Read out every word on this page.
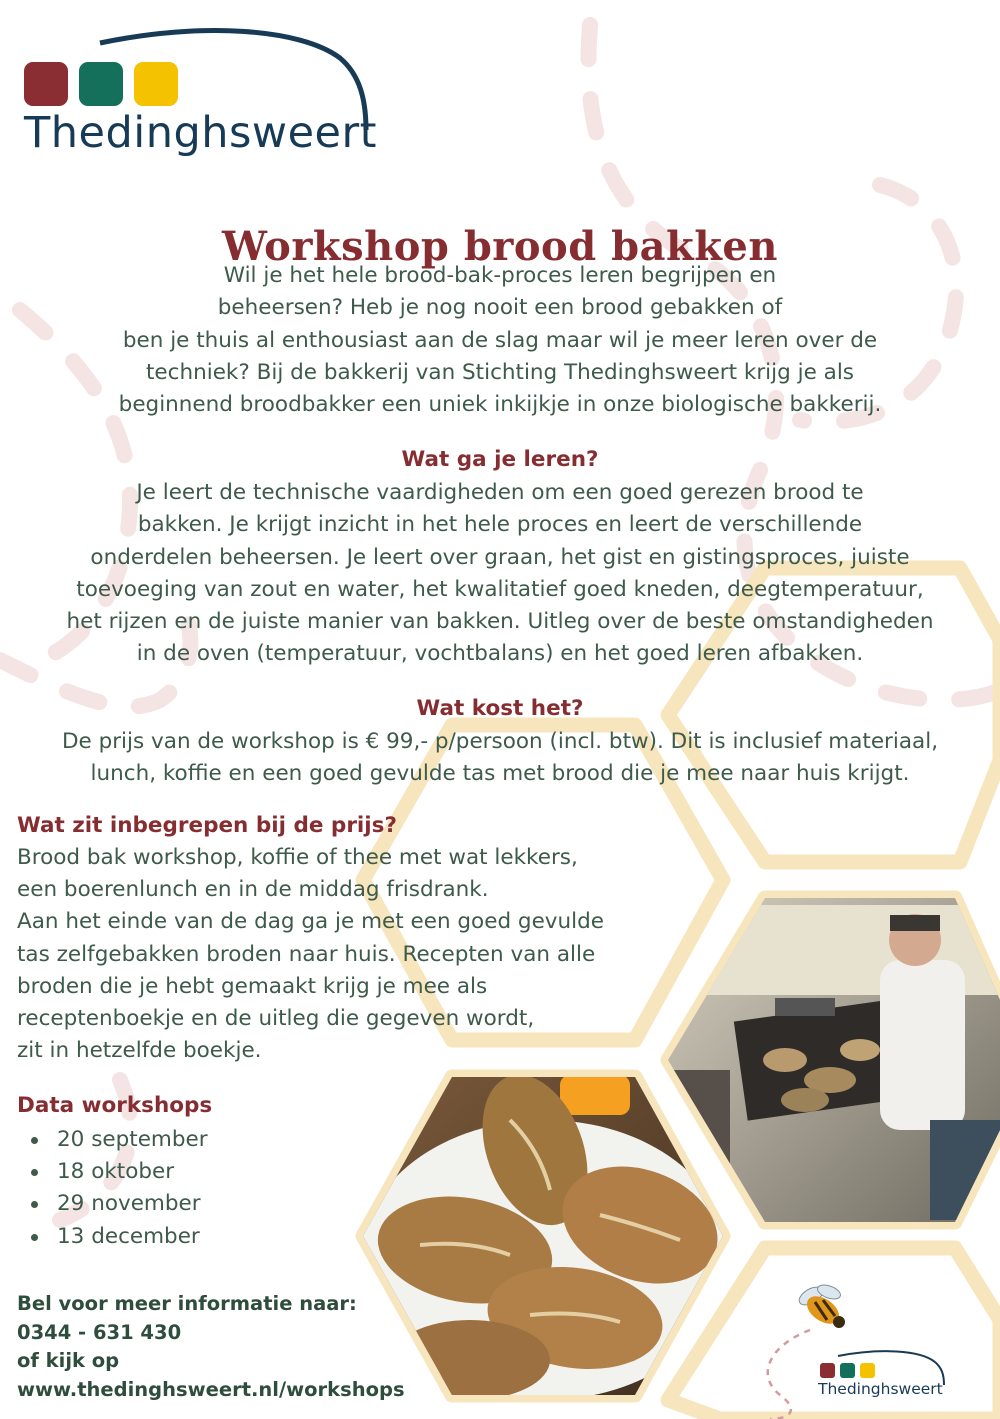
Thedinghsweert
Workshop brood bakken
Wil je het hele brood-bak-proces leren begrijpen en
beheersen? Heb je nog nooit een brood gebakken of
ben je thuis al enthousiast aan de slag maar wil je meer leren over de
techniek? Bij de bakkerij van Stichting Thedinghsweert krijg je als
beginnend broodbakker een uniek inkijkje in onze biologische bakkerij.
Wat ga je leren?
Je leert de technische vaardigheden om een goed gerezen brood te
bakken. Je krijgt inzicht in het hele proces en leert de verschillende
onderdelen beheersen. Je leert over graan, het gist en gistingsproces, juiste
toevoeging van zout en water, het kwalitatief goed kneden, deegtemperatuur,
het rijzen en de juiste manier van bakken. Uitleg over de beste omstandigheden
in de oven (temperatuur, vochtbalans) en het goed leren afbakken.
Wat kost het?
De prijs van de workshop is € 99,- p/persoon (incl. btw). Dit is inclusief materiaal,
lunch, koffie en een goed gevulde tas met brood die je mee naar huis krijgt.
Wat zit inbegrepen bij de prijs?
Brood bak workshop, koffie of thee met wat lekkers,
een boerenlunch en in de middag frisdrank.
Aan het einde van de dag ga je met een goed gevulde
tas zelfgebakken broden naar huis. Recepten van alle
broden die je hebt gemaakt krijg je mee als
receptenboekje en de uitleg die gegeven wordt,
zit in hetzelfde boekje.
Data workshops
20 september
18 oktober
29 november
13 december
Bel voor meer informatie naar:
0344 - 631 430
of kijk op
www.thedinghsweert.nl/workshops	Thedinghsweert
